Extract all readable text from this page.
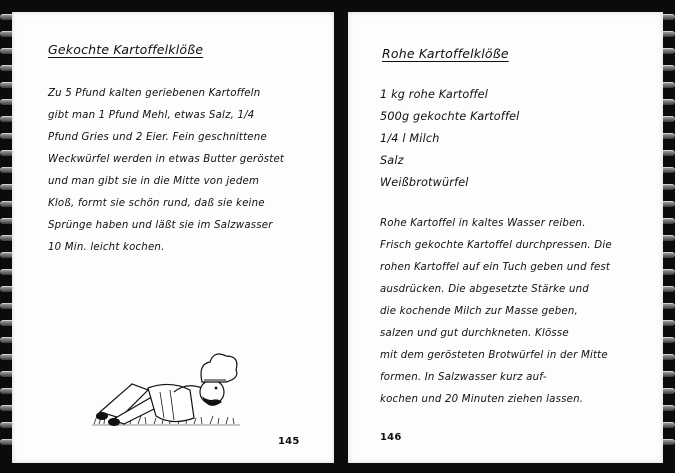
Gekochte Kartoffelklöße
Zu 5 Pfund kalten geriebenen Kartoffeln
gibt man 1 Pfund Mehl, etwas Salz, 1/4
Pfund Gries und 2 Eier. Fein geschnittene
Weckwürfel werden in etwas Butter geröstet
und man gibt sie in die Mitte von jedem
Kloß, formt sie schön rund, daß sie keine
Sprünge haben und läßt sie im Salzwasser
10 Min. leicht kochen.
145
Rohe Kartoffelklöße
1 kg rohe Kartoffel
500g gekochte Kartoffel
1/4 l Milch
Salz
Weißbrotwürfel
Rohe Kartoffel in kaltes Wasser reiben.
Frisch gekochte Kartoffel durchpressen. Die
rohen Kartoffel auf ein Tuch geben und fest
ausdrücken. Die abgesetzte Stärke und
die kochende Milch zur Masse geben,
salzen und gut durchkneten. Klösse
mit dem gerösteten Brotwürfel in der Mitte
formen. In Salzwasser kurz auf-
kochen und 20 Minuten ziehen lassen.
146
